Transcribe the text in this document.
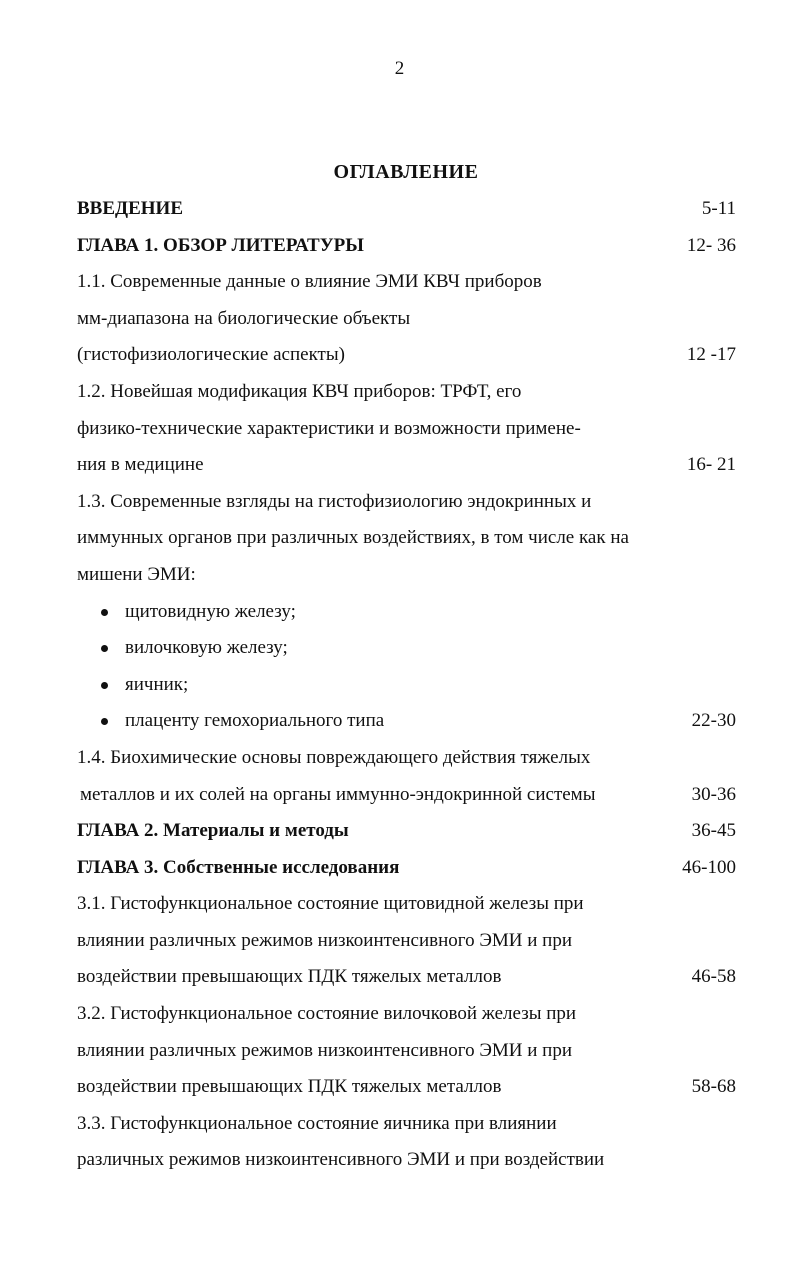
2
ОГЛАВЛЕНИЕ
ВВЕДЕНИЕ	5-11
ГЛАВА 1. ОБЗОР ЛИТЕРАТУРЫ	12- 36
1.1. Современные данные о влияние ЭМИ КВЧ приборов
мм-диапазона на биологические объекты
(гистофизиологические аспекты)	12 -17
1.2. Новейшая модификация КВЧ приборов: ТРФТ, его
физико-технические характеристики и возможности примене-
ния в медицине	16- 21
1.3. Современные взгляды на гистофизиологию эндокринных и
иммунных органов при различных воздействиях, в том числе как на
мишени ЭМИ:
щитовидную железу;
вилочковую железу;
яичник;
плаценту гемохориального типа	22-30
1.4. Биохимические основы повреждающего действия тяжелых
металлов и их солей на органы иммунно-эндокринной системы	30-36
ГЛАВА 2. Материалы и методы	36-45
ГЛАВА 3. Собственные исследования	46-100
3.1. Гистофункциональное состояние щитовидной железы при
влиянии различных режимов низкоинтенсивного ЭМИ и при
воздействии превышающих ПДК тяжелых металлов	46-58
3.2. Гистофункциональное состояние вилочковой железы при
влиянии различных режимов низкоинтенсивного ЭМИ и при
воздействии превышающих ПДК тяжелых металлов	58-68
3.3. Гистофункциональное состояние яичника при влиянии
различных режимов низкоинтенсивного ЭМИ и при воздействии
